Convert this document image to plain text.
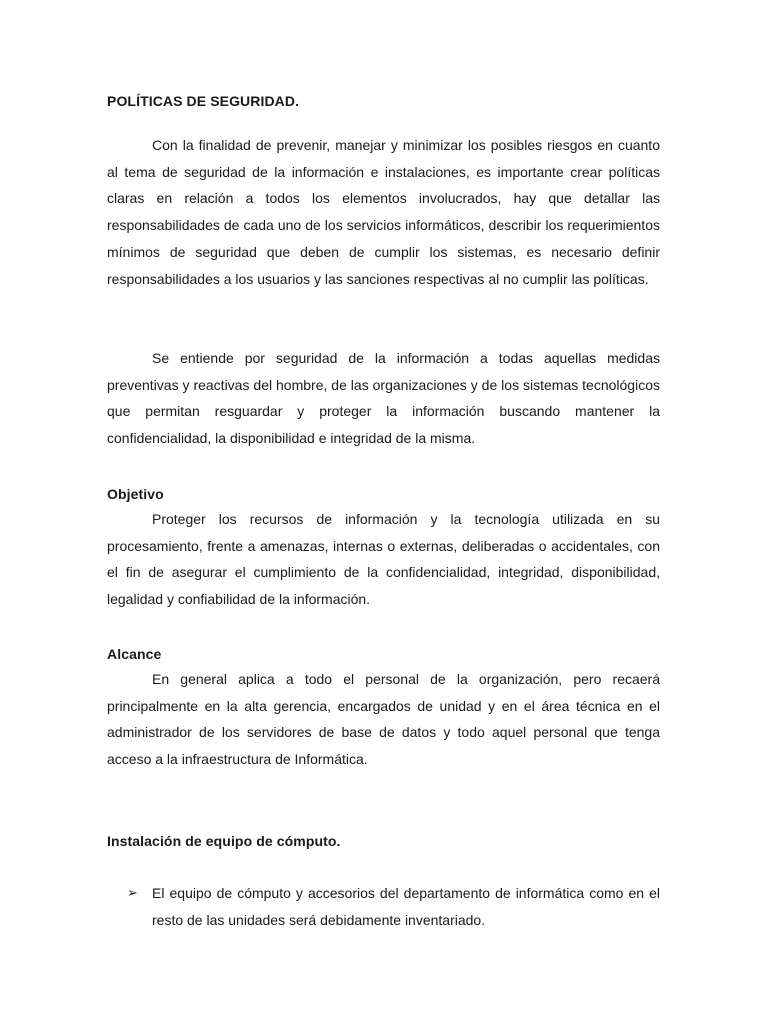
POLÍTICAS DE SEGURIDAD.

Con la finalidad de prevenir, manejar y minimizar los posibles riesgos en cuanto al tema de seguridad de la información e instalaciones, es importante crear políticas claras en relación a todos los elementos involucrados, hay que detallar las responsabilidades de cada uno de los servicios informáticos, describir los requerimientos mínimos de seguridad que deben de cumplir los sistemas, es necesario definir responsabilidades a los usuarios y las sanciones respectivas al no cumplir las políticas.

Se entiende por seguridad de la información a todas aquellas medidas preventivas y reactivas del hombre, de las organizaciones y de los sistemas tecnológicos que permitan resguardar y proteger la información buscando mantener la confidencialidad, la disponibilidad e integridad de la misma.

Objetivo

Proteger los recursos de información y la tecnología utilizada en su procesamiento, frente a amenazas, internas o externas, deliberadas o accidentales, con el fin de asegurar el cumplimiento de la confidencialidad, integridad, disponibilidad, legalidad y confiabilidad de la información.

Alcance

En general aplica a todo el personal de la organización, pero recaerá principalmente en la alta gerencia, encargados de unidad y en el área técnica en el administrador de los servidores de base de datos y todo aquel personal que tenga acceso a la infraestructura de Informática.

Instalación de equipo de cómputo.

➢ El equipo de cómputo y accesorios del departamento de informática como en el resto de las unidades será debidamente inventariado.
